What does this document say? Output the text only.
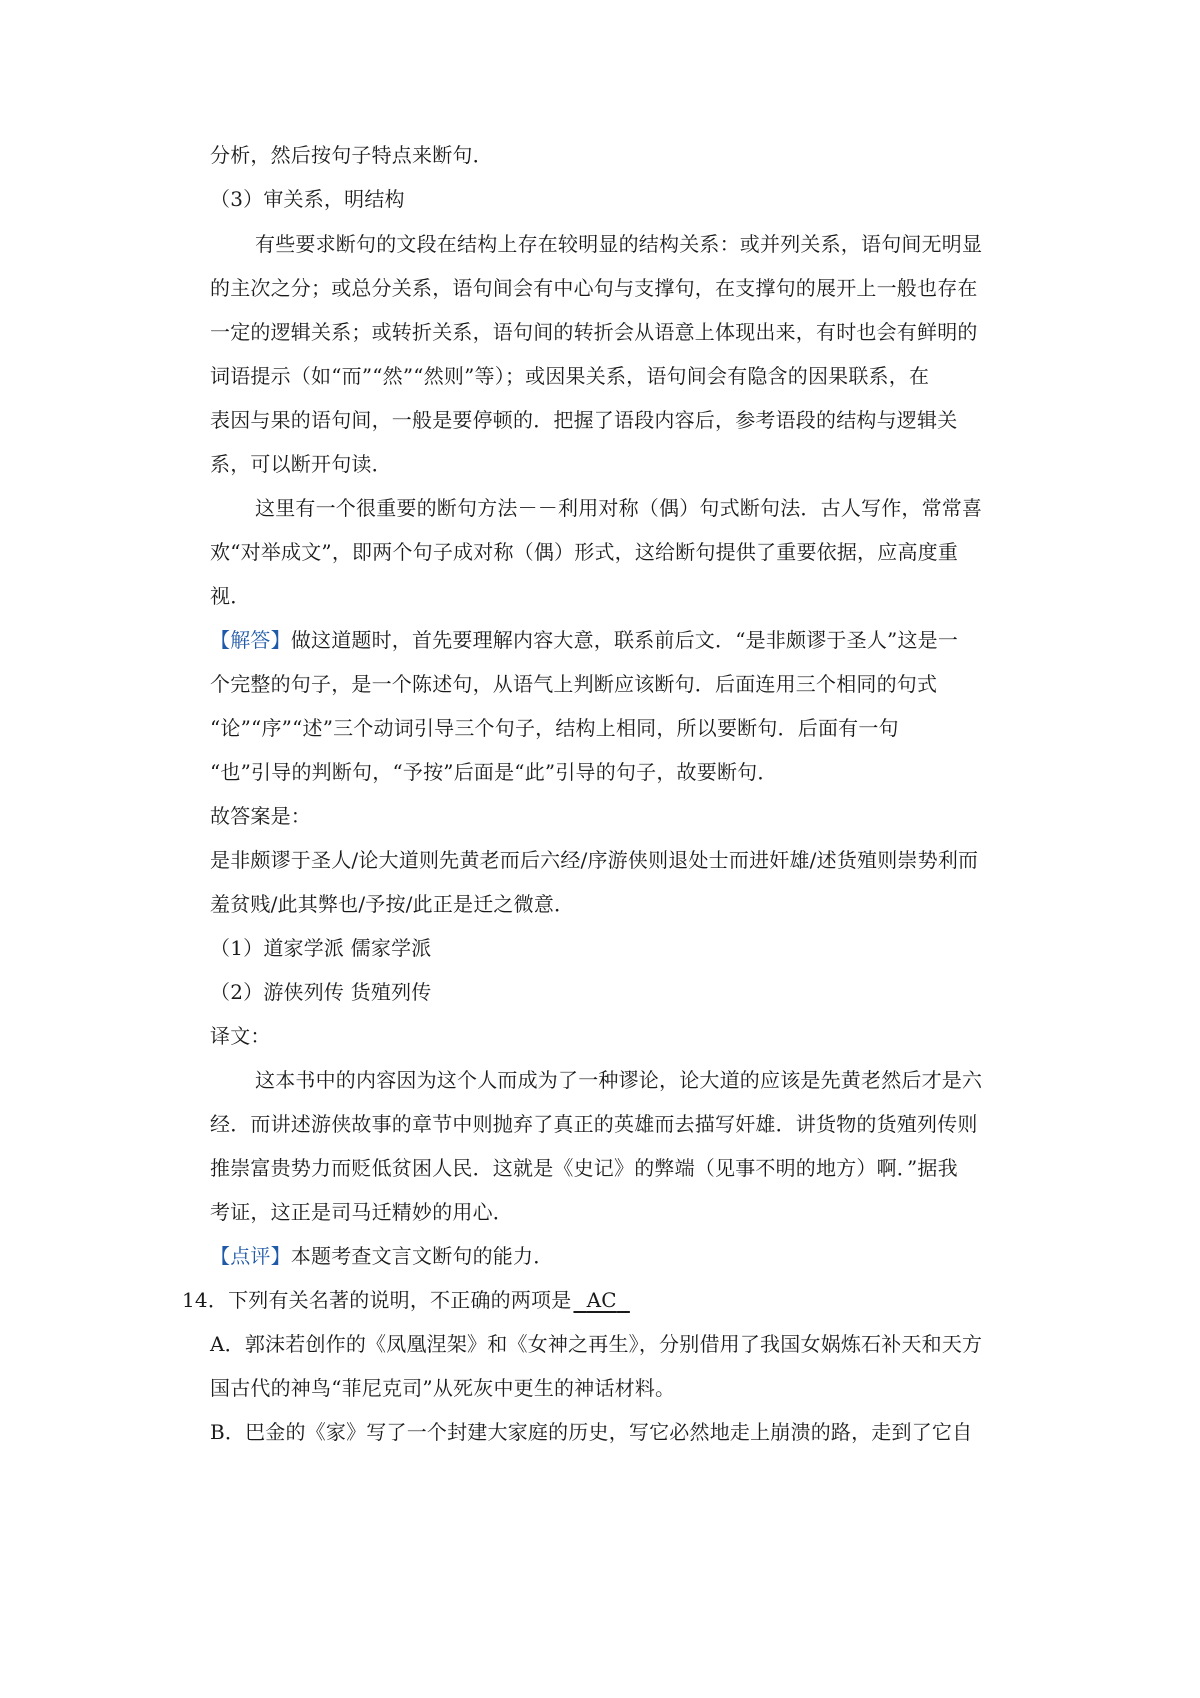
分析，然后按句子特点来断句．
（3）审关系，明结构
有些要求断句的文段在结构上存在较明显的结构关系：或并列关系，语句间无明显
的主次之分；或总分关系，语句间会有中心句与支撑句，在支撑句的展开上一般也存在
一定的逻辑关系；或转折关系，语句间的转折会从语意上体现出来，有时也会有鲜明的
词语提示（如“而”“然”“然则”等）；或因果关系，语句间会有隐含的因果联系，在
表因与果的语句间，一般是要停顿的．把握了语段内容后，参考语段的结构与逻辑关
系，可以断开句读．
这里有一个很重要的断句方法－－利用对称（偶）句式断句法．古人写作，常常喜
欢“对举成文”，即两个句子成对称（偶）形式，这给断句提供了重要依据，应高度重
视．
【解答】做这道题时，首先要理解内容大意，联系前后文．“是非颇谬于圣人”这是一
个完整的句子，是一个陈述句，从语气上判断应该断句．后面连用三个相同的句式
“论”“序”“述”三个动词引导三个句子，结构上相同，所以要断句．后面有一句
“也”引导的判断句，“予按”后面是“此”引导的句子，故要断句．
故答案是：
是非颇谬于圣人/论大道则先黄老而后六经/序游侠则退处士而进奸雄/述货殖则崇势利而
羞贫贱/此其弊也/予按/此正是迁之微意．
（1）道家学派 儒家学派
（2）游侠列传 货殖列传
译文：
这本书中的内容因为这个人而成为了一种谬论，论大道的应该是先黄老然后才是六
经．而讲述游侠故事的章节中则抛弃了真正的英雄而去描写奸雄．讲货物的货殖列传则
推崇富贵势力而贬低贫困人民．这就是《史记》的弊端（见事不明的地方）啊．”据我
考证，这正是司马迁精妙的用心．
【点评】本题考查文言文断句的能力．
14．下列有关名著的说明，不正确的两项是 AC
A．郭沫若创作的《凤凰涅架》和《女神之再生》，分别借用了我国女娲炼石补天和天方
国古代的神鸟“菲尼克司”从死灰中更生的神话材料。
B．巴金的《家》写了一个封建大家庭的历史，写它必然地走上崩溃的路，走到了它自
